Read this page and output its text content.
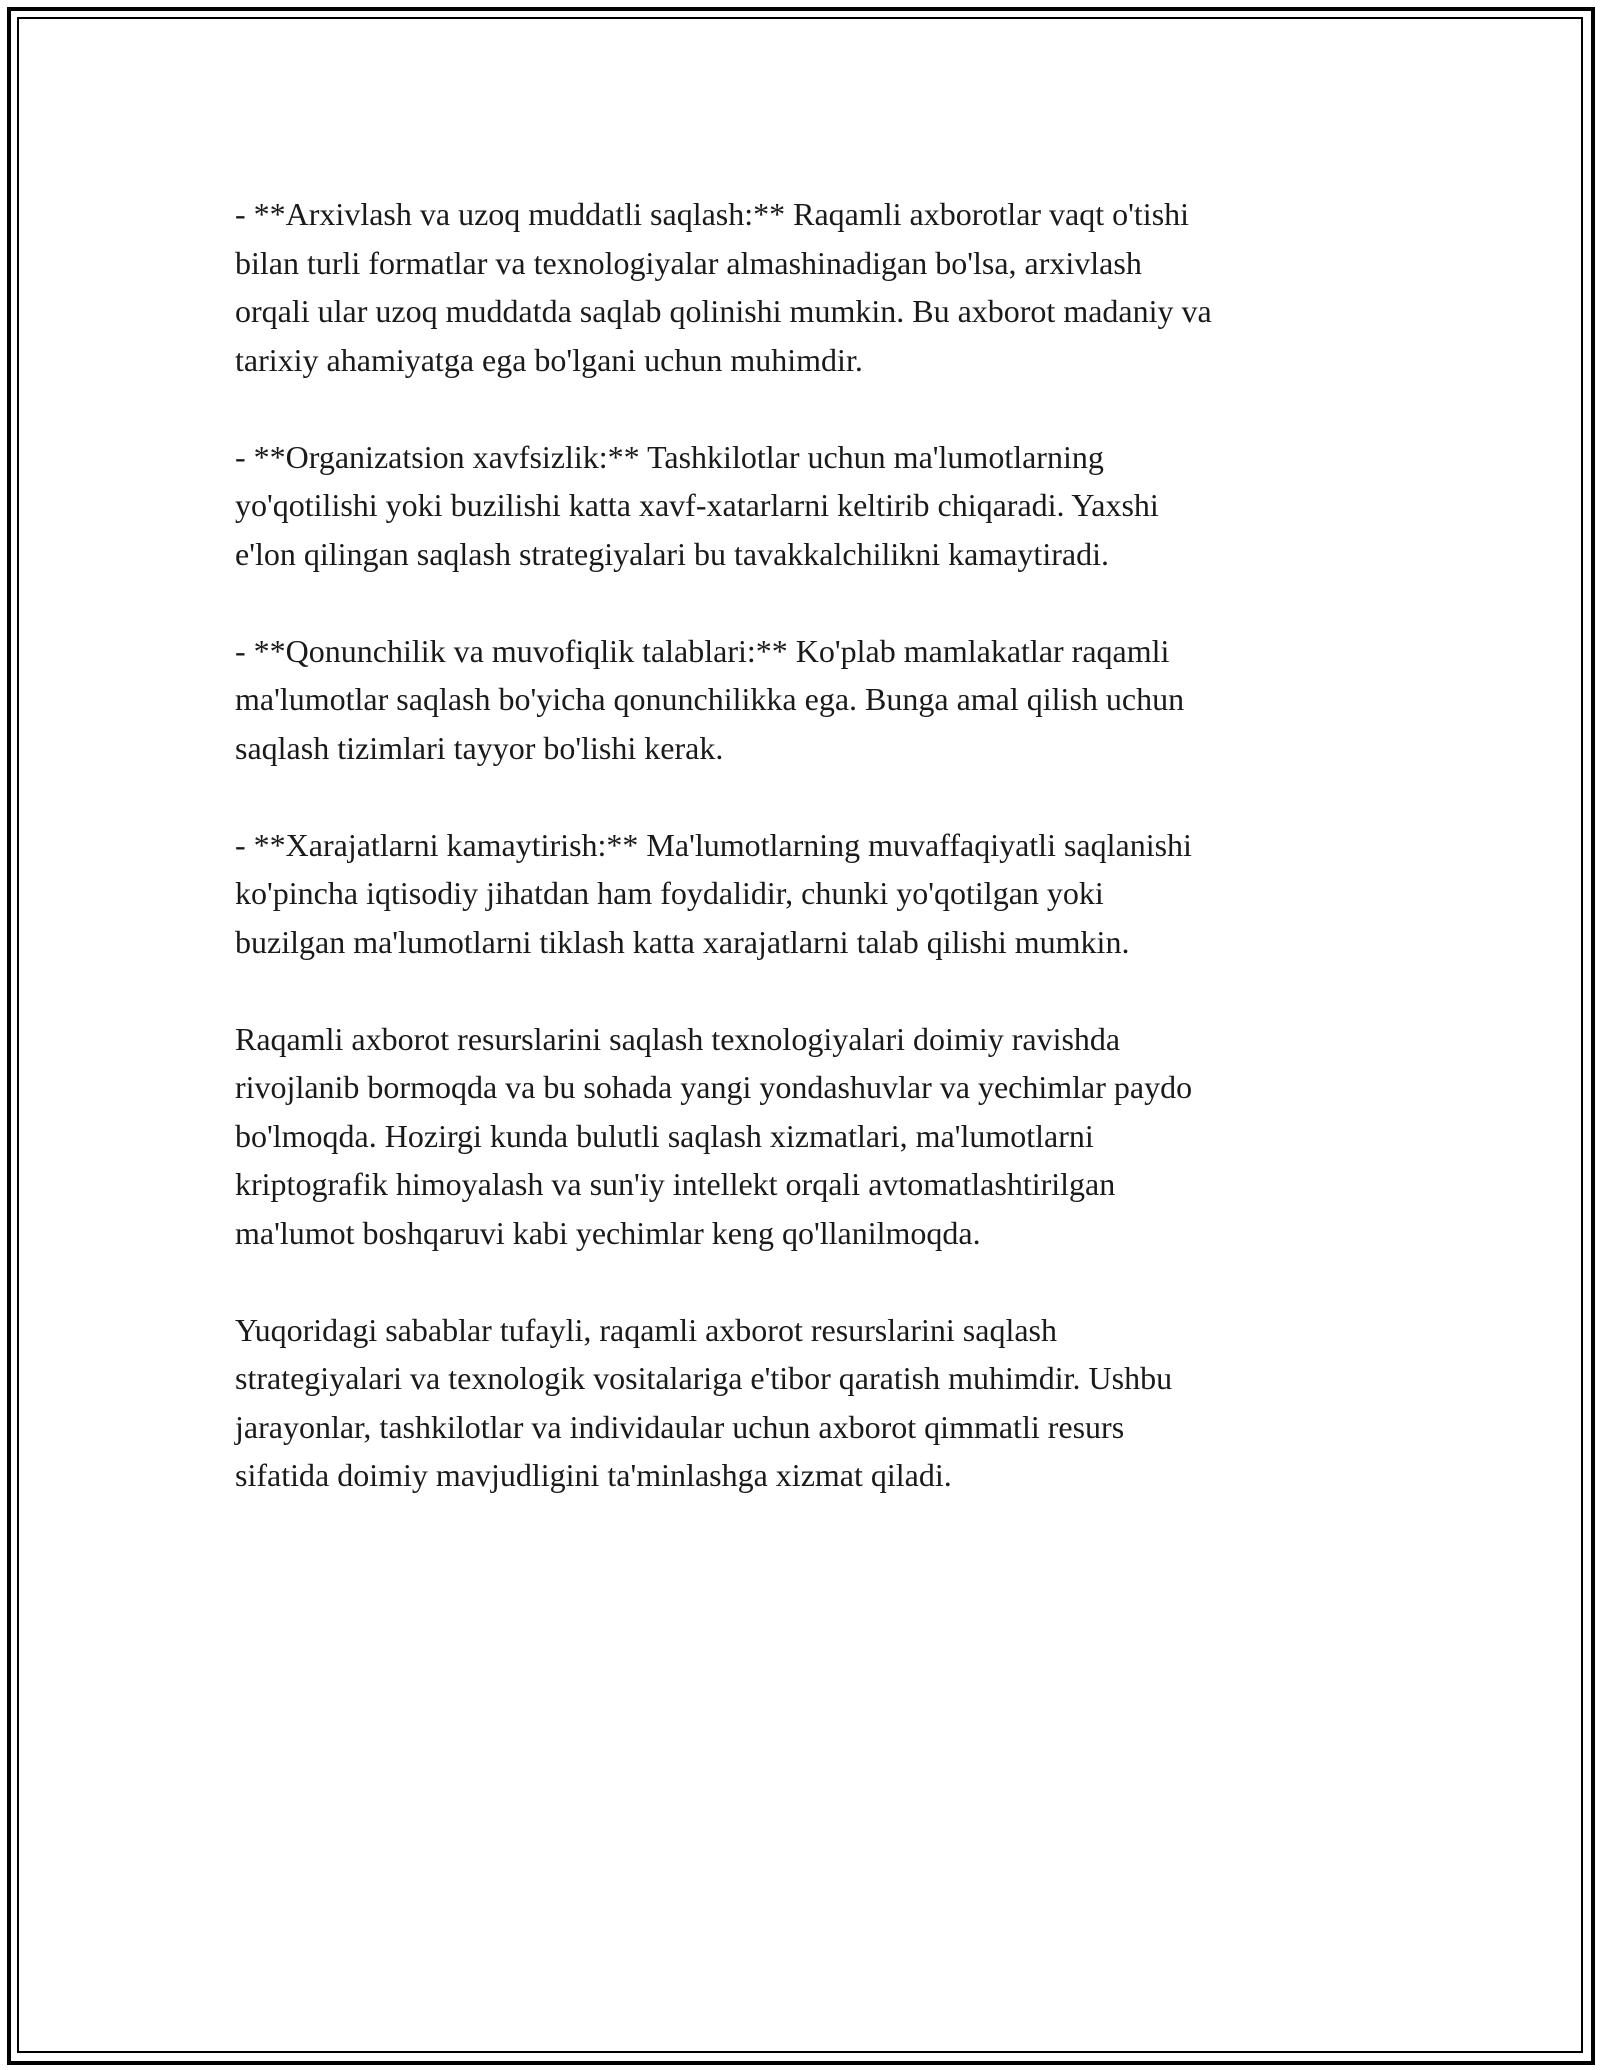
- **Arxivlash va uzoq muddatli saqlash:** Raqamli axborotlar vaqt o'tishi
bilan turli formatlar va texnologiyalar almashinadigan bo'lsa, arxivlash
orqali ular uzoq muddatda saqlab qolinishi mumkin. Bu axborot madaniy va
tarixiy ahamiyatga ega bo'lgani uchun muhimdir.

- **Organizatsion xavfsizlik:** Tashkilotlar uchun ma'lumotlarning
yo'qotilishi yoki buzilishi katta xavf-xatarlarni keltirib chiqaradi. Yaxshi
e'lon qilingan saqlash strategiyalari bu tavakkalchilikni kamaytiradi.

- **Qonunchilik va muvofiqlik talablari:** Ko'plab mamlakatlar raqamli
ma'lumotlar saqlash bo'yicha qonunchilikka ega. Bunga amal qilish uchun
saqlash tizimlari tayyor bo'lishi kerak.

- **Xarajatlarni kamaytirish:** Ma'lumotlarning muvaffaqiyatli saqlanishi
ko'pincha iqtisodiy jihatdan ham foydalidir, chunki yo'qotilgan yoki
buzilgan ma'lumotlarni tiklash katta xarajatlarni talab qilishi mumkin.

Raqamli axborot resurslarini saqlash texnologiyalari doimiy ravishda
rivojlanib bormoqda va bu sohada yangi yondashuvlar va yechimlar paydo
bo'lmoqda. Hozirgi kunda bulutli saqlash xizmatlari, ma'lumotlarni
kriptografik himoyalash va sun'iy intellekt orqali avtomatlashtirilgan
ma'lumot boshqaruvi kabi yechimlar keng qo'llanilmoqda.

Yuqoridagi sabablar tufayli, raqamli axborot resurslarini saqlash
strategiyalari va texnologik vositalariga e'tibor qaratish muhimdir. Ushbu
jarayonlar, tashkilotlar va individaular uchun axborot qimmatli resurs
sifatida doimiy mavjudligini ta'minlashga xizmat qiladi.
